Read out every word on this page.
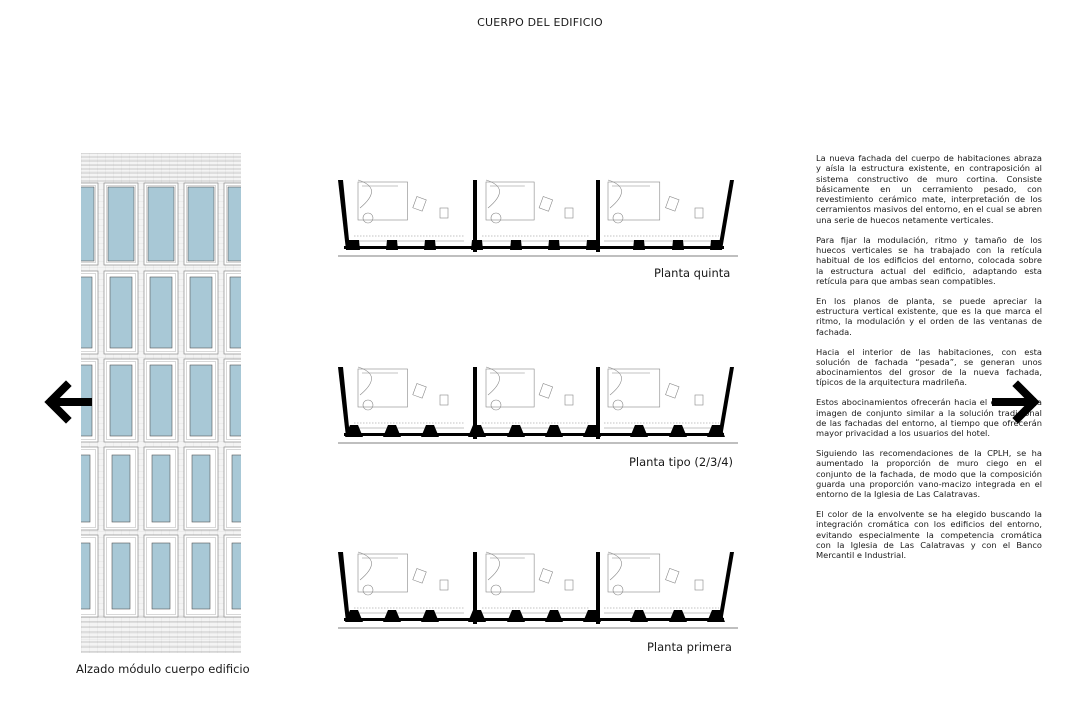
CUERPO DEL EDIFICIO
Alzado módulo cuerpo edificio
Planta quinta
Planta tipo (2/3/4)
Planta primera

La nueva fachada del cuerpo de habitaciones abraza y aísla la estructura existente, en contraposición al sistema constructivo de muro cortina. Consiste básicamente en un cerramiento pesado, con revestimiento cerámico mate, interpretación de los cerramientos masivos del entorno, en el cual se abren una serie de huecos netamente verticales.

Para fijar la modulación, ritmo y tamaño de los huecos verticales se ha trabajado con la retícula habitual de los edificios del entorno, colocada sobre la estructura actual del edificio, adaptando esta retícula para que ambas sean compatibles.

En los planos de planta, se puede apreciar la estructura vertical existente, que es la que marca el ritmo, la modulación y el orden de las ventanas de fachada.

Hacia el interior de las habitaciones, con esta solución de fachada “pesada”, se generan unos abocinamientos del grosor de la nueva fachada, típicos de la arquitectura madrileña.

Estos abocinamientos ofrecerán hacia el exterior una imagen de conjunto similar a la solución tradicional de las fachadas del entorno, al tiempo que ofrecerán mayor privacidad a los usuarios del hotel.

Siguiendo las recomendaciones de la CPLH, se ha aumentado la proporción de muro ciego en el conjunto de la fachada, de modo que la composición guarda una proporción vano-macizo integrada en el entorno de la Iglesia de Las Calatravas.

El color de la envolvente se ha elegido buscando la integración cromática con los edificios del entorno, evitando especialmente la competencia cromática con la Iglesia de Las Calatravas y con el Banco Mercantil e Industrial.
